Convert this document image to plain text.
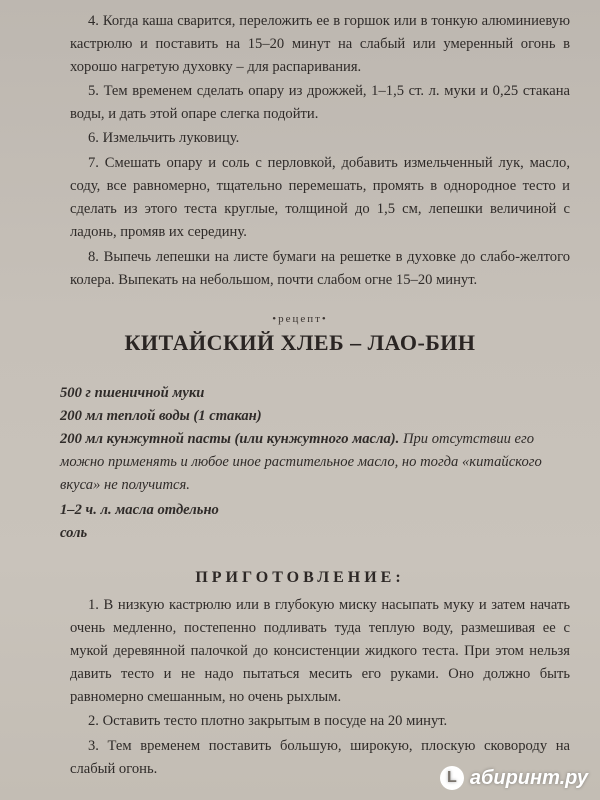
4. Когда каша сварится, переложить ее в горшок или в тонкую алюминиевую кастрюлю и поставить на 15–20 минут на слабый или умеренный огонь в хорошо нагретую духовку – для распаривания.

5. Тем временем сделать опару из дрожжей, 1–1,5 ст. л. муки и 0,25 стакана воды, и дать этой опаре слегка подойти.

6. Измельчить луковицу.

7. Смешать опару и соль с перловкой, добавить измельченный лук, масло, соду, все равномерно, тщательно перемешать, промять в однородное тесто и сделать из этого теста круглые, толщиной до 1,5 см, лепешки величиной с ладонь, промяв их середину.

8. Выпечь лепешки на листе бумаги на решетке в духовке до слабо-желтого колера. Выпекать на небольшом, почти слабом огне 15–20 минут.

•рецепт•
КИТАЙСКИЙ ХЛЕБ – ЛАО-БИН

500 г пшеничной муки

200 мл теплой воды (1 стакан)

200 мл кунжутной пасты (или кунжутного масла). При отсутствии его можно применять и любое иное растительное масло, но тогда «китайского вкуса» не получится.

1–2 ч. л. масла отдельно

соль

ПРИГОТОВЛЕНИЕ:

1. В низкую кастрюлю или в глубокую миску насыпать муку и затем начать очень медленно, постепенно подливать туда теплую воду, размешивая ее с мукой деревянной палочкой до консистенции жидкого теста. При этом нельзя давить тесто и не надо пытаться месить его руками. Оно должно быть равномерно смешанным, но очень рыхлым.

2. Оставить тесто плотно закрытым в посуде на 20 минут.

3. Тем временем поставить большую, широкую, плоскую сковороду на слабый огонь.	L абиринт.ру
